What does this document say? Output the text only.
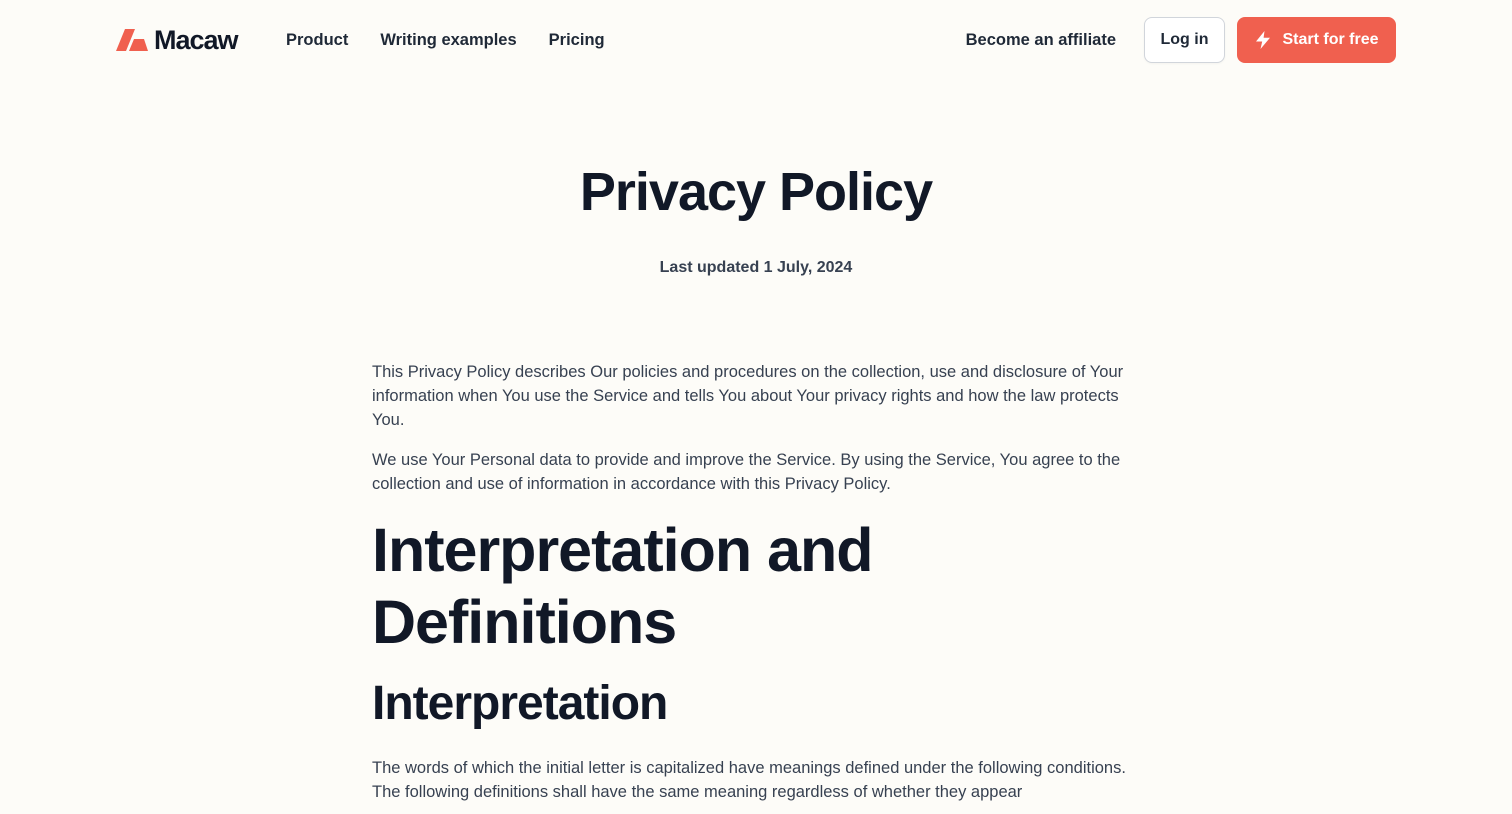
Macaw	Product Writing examples Pricing	Become an affiliate	Log in	Start for free
Privacy Policy
Last updated 1 July, 2024

This Privacy Policy describes Our policies and procedures on the collection, use and disclosure of Your information when You use the Service and tells You about Your privacy rights and how the law protects You.

We use Your Personal data to provide and improve the Service. By using the Service, You agree to the collection and use of information in accordance with this Privacy Policy.

Interpretation and Definitions
Interpretation

The words of which the initial letter is capitalized have meanings defined under the following conditions. The following definitions shall have the same meaning regardless of whether they appear
